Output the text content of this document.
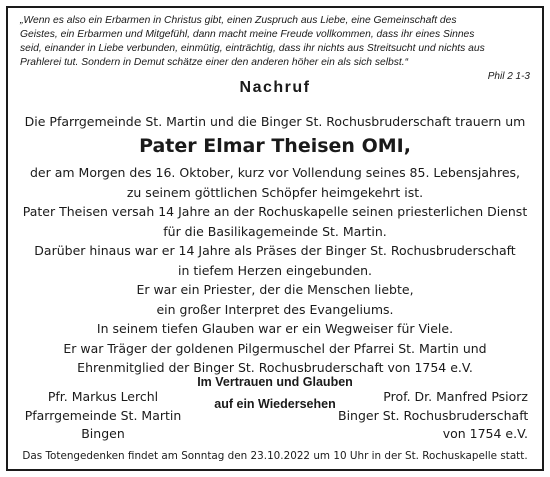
„Wenn es also ein Erbarmen in Christus gibt, einen Zuspruch aus Liebe, eine Gemeinschaft des
Geistes, ein Erbarmen und Mitgefühl, dann macht meine Freude vollkommen, dass ihr eines Sinnes
seid, einander in Liebe verbunden, einmütig, einträchtig, dass ihr nichts aus Streitsucht und nichts aus
Prahlerei tut. Sondern in Demut schätze einer den anderen höher ein als sich selbst.“
Phil 2 1-3
Nachruf
Die Pfarrgemeinde St. Martin und die Binger St. Rochusbruderschaft trauern um
Pater Elmar Theisen OMI,
der am Morgen des 16. Oktober, kurz vor Vollendung seines 85. Lebensjahres,
zu seinem göttlichen Schöpfer heimgekehrt ist.
Pater Theisen versah 14 Jahre an der Rochuskapelle seinen priesterlichen Dienst
für die Basilikagemeinde St. Martin.
Darüber hinaus war er 14 Jahre als Präses der Binger St. Rochusbruderschaft
in tiefem Herzen eingebunden.
Er war ein Priester, der die Menschen liebte,
ein großer Interpret des Evangeliums.
In seinem tiefen Glauben war er ein Wegweiser für Viele.
Er war Träger der goldenen Pilgermuschel der Pfarrei St. Martin und
Ehrenmitglied der Binger St. Rochusbruderschaft von 1754 e.V.
Im Vertrauen und Glauben
auf ein Wiedersehen
Pfr. Markus Lerchl
Pfarrgemeinde St. Martin
Bingen
Prof. Dr. Manfred Psiorz
Binger St. Rochusbruderschaft
von 1754 e.V.
Das Totengedenken findet am Sonntag den 23.10.2022 um 10 Uhr in der St. Rochuskapelle statt.
